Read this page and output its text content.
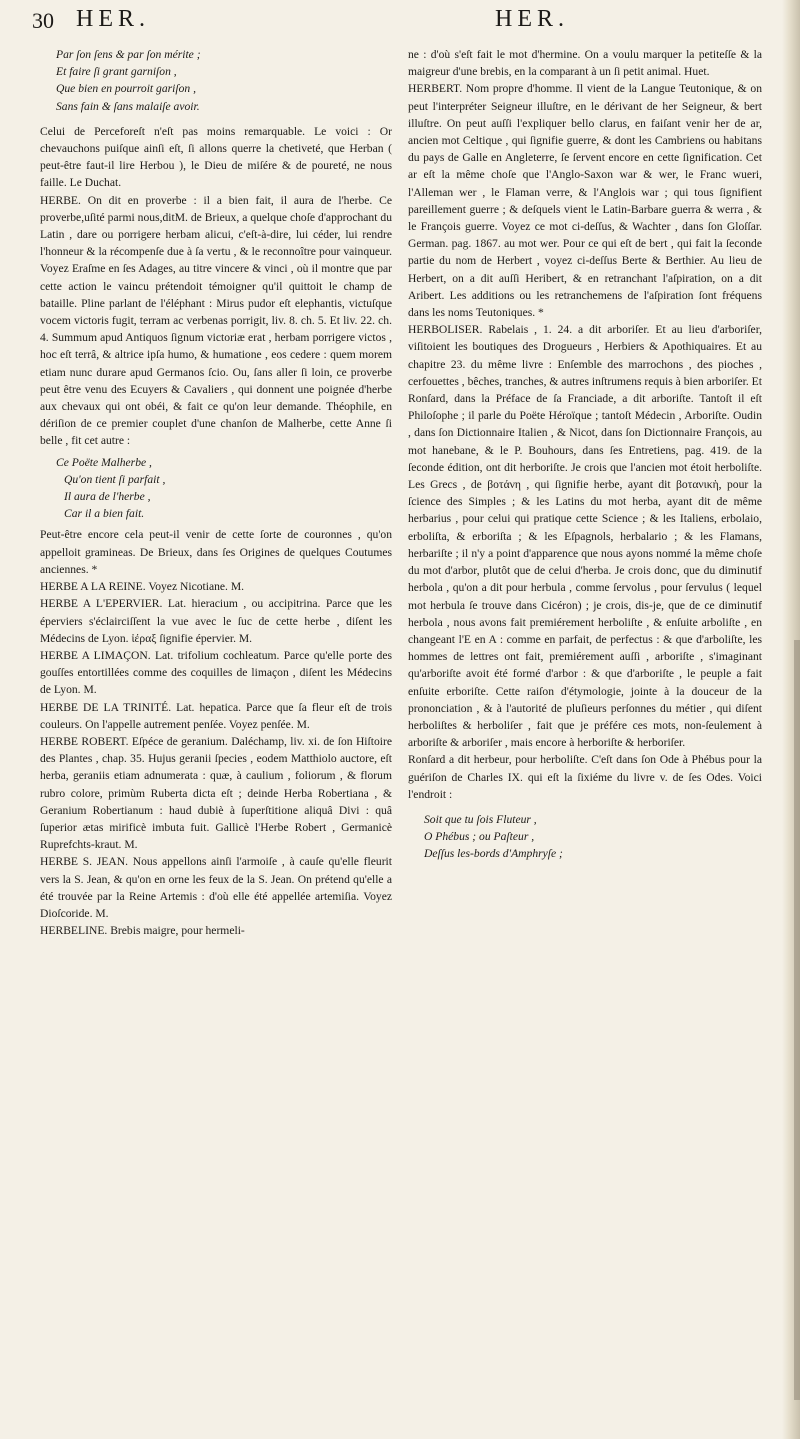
30 HER.	HER.
Par ſon ſens & par ſon mérite ;
Et faire ſi grant garniſon ,
Que bien en pourroit gariſon ,
Sans fain & ſans malaiſe avoir.

Celui de Perceforeſt n'eſt pas moins remarquable. Le voici : Or chevauchons puiſque ainſi eſt, ſi allons querre la chetiveté, que Herban ( peut-être faut-il lire Herbou ), le Dieu de miſére & de poureté, ne nous faille. Le Duchat.

HERBE. On dit en proverbe : il a bien fait, il aura de l'herbe. Ce proverbe,uſité parmi nous,ditM. de Brieux, a quelque choſe d'approchant du Latin , dare ou porrigere herbam alicui, c'eſt-à-dire, lui céder, lui rendre l'honneur & la récompenſe due à ſa vertu , & le reconnoître pour vainqueur. Voyez Eraſme en ſes Adages, au titre vincere & vinci , où il montre que par cette action le vaincu prétendoit témoigner qu'il quittoit le champ de bataille. Pline parlant de l'éléphant : Mirus pudor eſt elephantis, victuſque vocem victoris fugit, terram ac verbenas porrigit, liv. 8. ch. 5. Et liv. 22. ch. 4. Summum apud Antiquos ſignum victoriæ erat , herbam porrigere victos , hoc eſt terrâ, & altrice ipſa humo, & humatione , eos cedere : quem morem etiam nunc durare apud Germanos ſcio. Ou, ſans aller ſi loin, ce proverbe peut être venu des Ecuyers & Cavaliers , qui donnent une poignée d'herbe aux chevaux qui ont obéi, & fait ce qu'on leur demande. Théophile, en dériſion de ce premier couplet d'une chanſon de Malherbe, cette Anne ſi belle , fit cet autre :

Ce Poëte Malherbe ,
Qu'on tient ſi parfait ,
Il aura de l'herbe ,
Car il a bien fait.

Peut-être encore cela peut-il venir de cette ſorte de couronnes , qu'on appelloit gramineas. De Brieux, dans ſes Origines de quelques Coutumes anciennes. *

HERBE A LA REINE. Voyez Nicotiane. M.

HERBE A L'EPERVIER. Lat. hieracium , ou accipitrina. Parce que les éperviers s'éclairciſſent la vue avec le ſuc de cette herbe , diſent les Médecins de Lyon. ἱέραξ ſignifie épervier. M.

HERBE A LIMAÇON. Lat. trifolium cochleatum. Parce qu'elle porte des gouſſes entortillées comme des coquilles de limaçon , diſent les Médecins de Lyon. M.

HERBE DE LA TRINITÉ. Lat. hepatica. Parce que ſa fleur eſt de trois couleurs. On l'appelle autrement penſée. Voyez penſée. M.

HERBE ROBERT. Eſpéce de geranium. Daléchamp, liv. xi. de ſon Hiſtoire des Plantes , chap. 35. Hujus geranii ſpecies , eodem Matthiolo auctore, eſt herba, geraniis etiam adnumerata : quæ, à caulium , foliorum , & florum rubro colore, primùm Ruberta dicta eſt ; deinde Herba Robertiana , & Geranium Robertianum : haud dubiè à ſuperſtitione aliquâ Divi : quâ ſuperior ætas mirificè imbuta fuit. Gallicè l'Herbe Robert , Germanicè Ruprefchts-kraut. M.

HERBE S. JEAN. Nous appellons ainſi l'armoiſe , à cauſe qu'elle fleurit vers la S. Jean, & qu'on en orne les feux de la S. Jean. On prétend qu'elle a été trouvée par la Reine Artemis : d'où elle été appellée artemiſia. Voyez Dioſcoride. M.

HERBELINE. Brebis maigre, pour hermeli-

ne : d'où s'eſt fait le mot d'hermine. On a voulu marquer la petiteſſe & la maigreur d'une brebis, en la comparant à un ſi petit animal. Huet.

HERBERT. Nom propre d'homme. Il vient de la Langue Teutonique, & on peut l'interpréter Seigneur illuſtre, en le dérivant de her Seigneur, & bert illuſtre. On peut auſſi l'expliquer bello clarus, en faiſant venir her de ar, ancien mot Celtique , qui ſignifie guerre, & dont les Cambriens ou habitans du pays de Galle en Angleterre, ſe ſervent encore en cette ſignification. Cet ar eſt la même choſe que l'Anglo-Saxon war & wer, le Franc wueri, l'Alleman wer , le Flaman verre, & l'Anglois war ; qui tous ſignifient pareillement guerre ; & deſquels vient le Latin-Barbare guerra & werra , & le François guerre. Voyez ce mot ci-deſſus, & Wachter , dans ſon Gloſſar. German. pag. 1867. au mot wer. Pour ce qui eſt de bert , qui fait la ſeconde partie du nom de Herbert , voyez ci-deſſus Berte & Berthier. Au lieu de Herbert, on a dit auſſi Heribert, & en retranchant l'aſpiration, on a dit Aribert. Les additions ou les retranchemens de l'aſpiration ſont fréquens dans les noms Teutoniques. *

HERBOLISER. Rabelais , 1. 24. a dit arboriſer. Et au lieu d'arboriſer, viſitoient les boutiques des Drogueurs , Herbiers & Apothiquaires. Et au chapitre 23. du même livre : Enſemble des marrochons , des pioches , cerfouettes , bêches, tranches, & autres inſtrumens requis à bien arboriſer. Et Ronſard, dans la Préface de ſa Franciade, a dit arboriſte. Tantoſt il eſt Philoſophe ; il parle du Poëte Héroïque ; tantoſt Médecin , Arboriſte. Oudin , dans ſon Dictionnaire Italien , & Nicot, dans ſon Dictionnaire François, au mot hanebane, & le P. Bouhours, dans ſes Entretiens, pag. 419. de la ſeconde édition, ont dit herboriſte. Je crois que l'ancien mot étoit herboliſte. Les Grecs , de βοτάνη , qui ſignifie herbe, ayant dit βοτανικὴ, pour la ſcience des Simples ; & les Latins du mot herba, ayant dit de même herbarius , pour celui qui pratique cette Science ; & les Italiens, erbolaio, erboliſta, & erboriſta ; & les Eſpagnols, herbalario ; & les Flamans, herbariſte ; il n'y a point d'apparence que nous ayons nommé la même choſe du mot d'arbor, plutôt que de celui d'herba. Je crois donc, que du diminutif herbola , qu'on a dit pour herbula , comme ſervolus , pour ſervulus ( lequel mot herbula ſe trouve dans Cicéron) ; je crois, dis-je, que de ce diminutif herbola , nous avons fait premiérement herboliſte , & enſuite arboliſte , en changeant l'E en A : comme en parfait, de perfectus : & que d'arboliſte, les hommes de lettres ont fait, premiérement auſſi , arboriſte , s'imaginant qu'arboriſte avoit été formé d'arbor : & que d'arboriſte , le peuple a fait enſuite erboriſte. Cette raiſon d'étymologie, jointe à la douceur de la prononciation , & à l'autorité de pluſieurs perſonnes du métier , qui diſent herboliſtes & herboliſer , fait que je préfére ces mots, non-ſeulement à arboriſte & arboriſer , mais encore à herboriſte & herboriſer.

Ronſard a dit herbeur, pour herboliſte. C'eſt dans ſon Ode à Phébus pour la guériſon de Charles IX. qui eſt la ſixiéme du livre v. de ſes Odes. Voici l'endroit :

Soit que tu ſois Fluteur ,
O Phébus ; ou Paſteur ,
Deſſus les-bords d'Amphryſe ;
